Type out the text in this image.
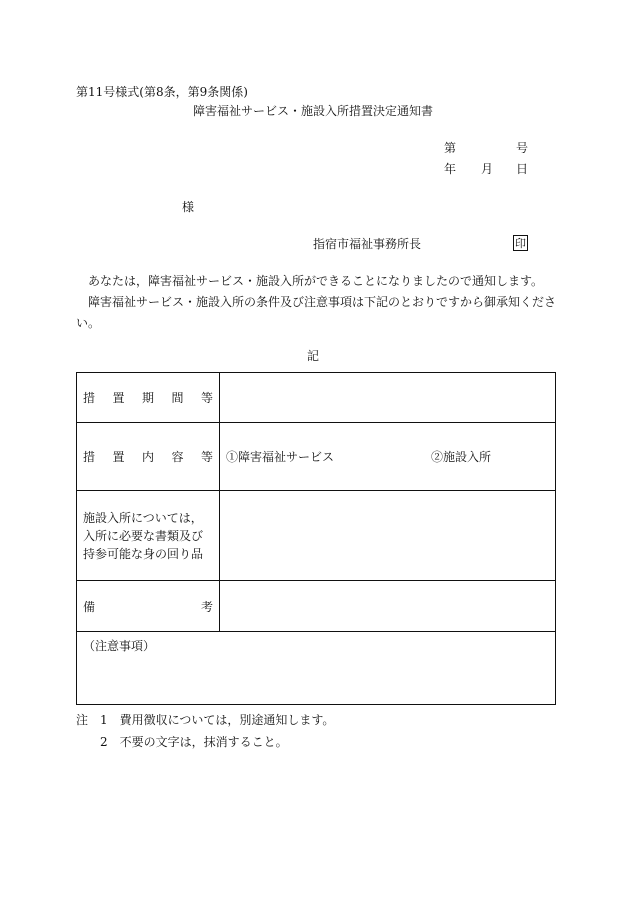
第11号様式(第8条，第9条関係)
障害福祉サービス・施設入所措置決定通知書
第	号
年 月 日
様
指宿市福祉事務所長	印

あなたは，障害福祉サービス・施設入所ができることになりましたので通知します。

障害福祉サービス・施設入所の条件及び注意事項は下記のとおりですから御承知ください。

記
措 置 期 間 等	

措 置 内 容 等	①障害福祉サービス ②施設入所

施設入所については，
入所に必要な書類及び
持参可能な身の回り品	

備 考	

（注意事項）	
注　1　費用徴収については，別途通知します。
2　不要の文字は，抹消すること。
